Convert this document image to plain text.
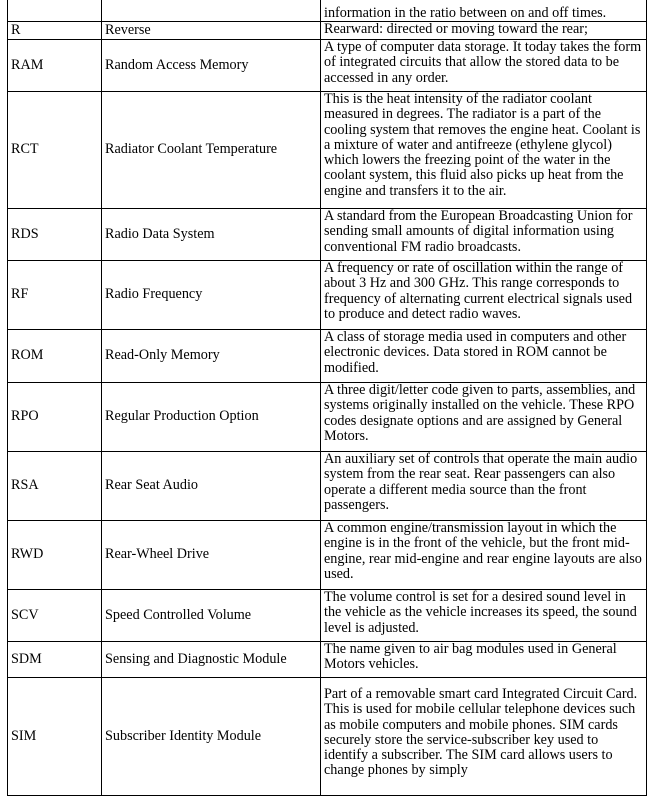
		information in the ratio between on and off times.
R	Reverse	Rearward: directed or moving toward the rear;
RAM	Random Access Memory	A type of computer data storage. It today takes the form of integrated circuits that allow the stored data to be accessed in any order.
RCT	Radiator Coolant Temperature	This is the heat intensity of the radiator coolant measured in degrees. The radiator is a part of the cooling system that removes the engine heat. Coolant is a mixture of water and antifreeze (ethylene glycol) which lowers the freezing point of the water in the coolant system, this fluid also picks up heat from the engine and transfers it to the air.
RDS	Radio Data System	A standard from the European Broadcasting Union for sending small amounts of digital information using conventional FM radio broadcasts.
RF	Radio Frequency	A frequency or rate of oscillation within the range of about 3 Hz and 300 GHz. This range corresponds to frequency of alternating current electrical signals used to produce and detect radio waves.
ROM	Read-Only Memory	A class of storage media used in computers and other electronic devices. Data stored in ROM cannot be modified.
RPO	Regular Production Option	A three digit/letter code given to parts, assemblies, and systems originally installed on the vehicle. These RPO codes designate options and are assigned by General Motors.
RSA	Rear Seat Audio	An auxiliary set of controls that operate the main audio system from the rear seat. Rear passengers can also operate a different media source than the front passengers.
RWD	Rear-Wheel Drive	A common engine/transmission layout in which the engine is in the front of the vehicle, but the front mid-engine, rear mid-engine and rear engine layouts are also used.
SCV	Speed Controlled Volume	The volume control is set for a desired sound level in the vehicle as the vehicle increases its speed, the sound level is adjusted.
SDM	Sensing and Diagnostic Module	The name given to air bag modules used in General Motors vehicles.
SIM	Subscriber Identity Module	Part of a removable smart card Integrated Circuit Card. This is used for mobile cellular telephone devices such as mobile computers and mobile phones. SIM cards securely store the service-subscriber key used to identify a subscriber. The SIM card allows users to change phones by simply
